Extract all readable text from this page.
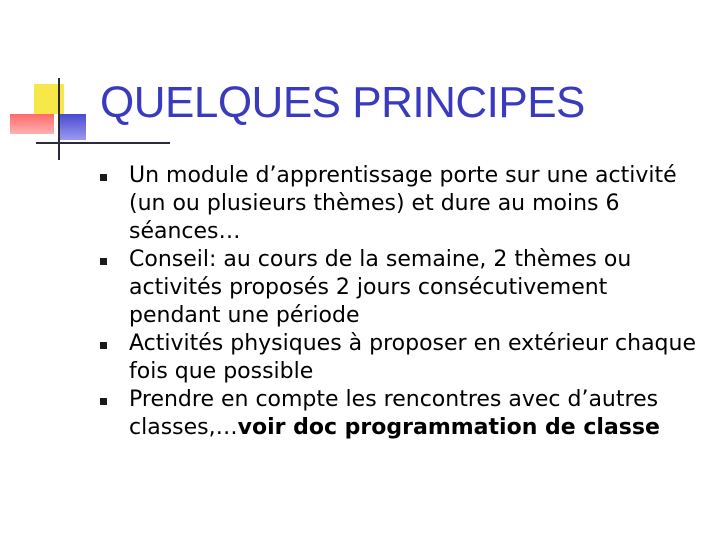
QUELQUES PRINCIPES
Un module d’apprentissage porte sur une activité (un ou plusieurs thèmes) et dure au moins 6 séances…
Conseil: au cours de la semaine, 2 thèmes ou activités proposés 2 jours consécutivement pendant une période
Activités physiques à proposer en extérieur chaque fois que possible
Prendre en compte les rencontres avec d’autres classes,…voir doc programmation de classe
